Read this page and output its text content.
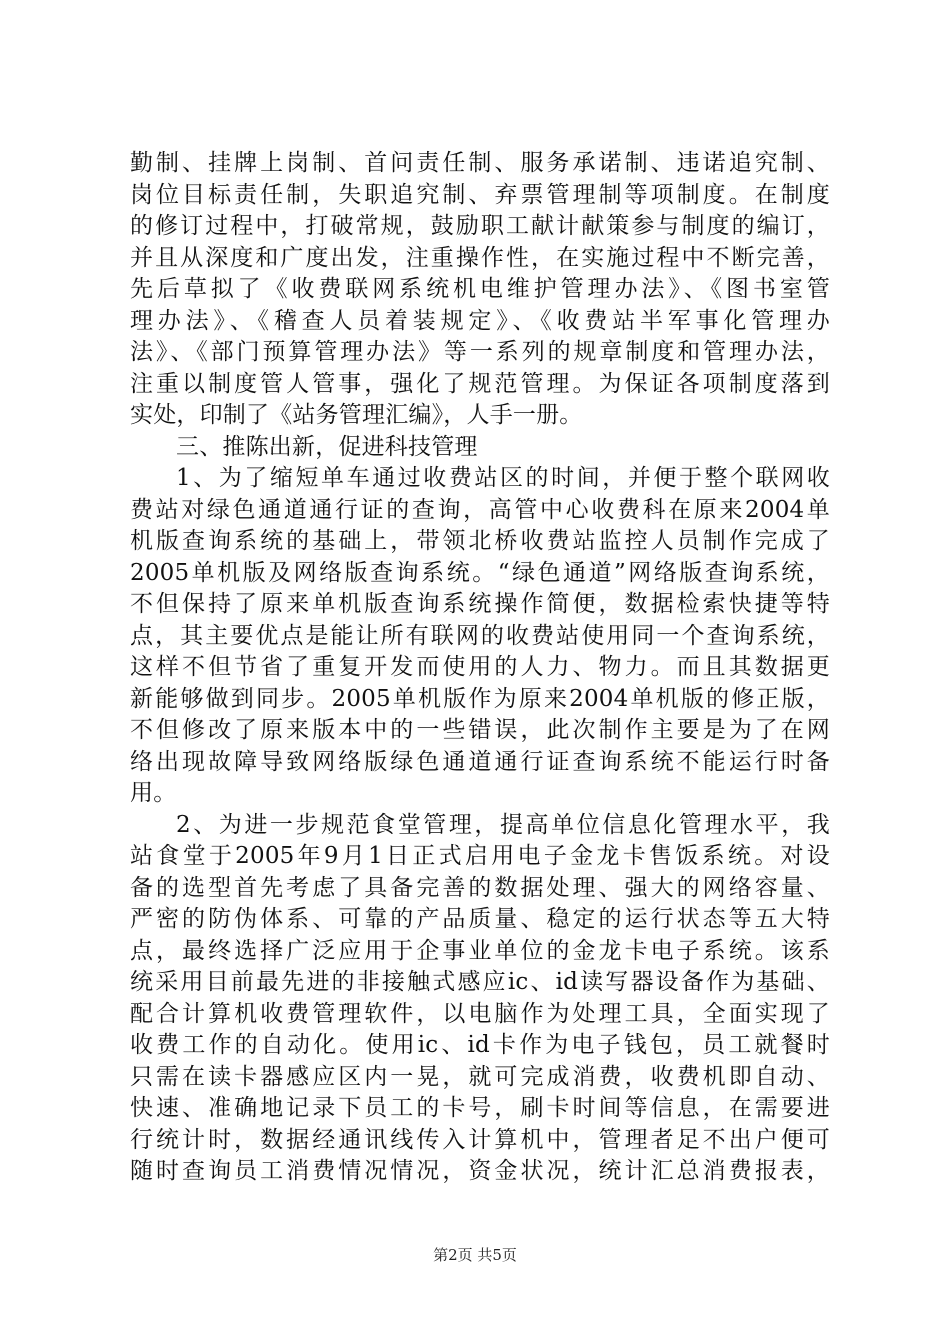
勤制、挂牌上岗制、首问责任制、服务承诺制、违诺追究制、
岗位目标责任制，失职追究制、弃票管理制等项制度。在制度
的修订过程中，打破常规，鼓励职工献计献策参与制度的编订，
并且从深度和广度出发，注重操作性，在实施过程中不断完善，
先后草拟了《收费联网系统机电维护管理办法》、《图书室管
理办法》、《稽查人员着装规定》、《收费站半军事化管理办
法》、《部门预算管理办法》等一系列的规章制度和管理办法，
注重以制度管人管事，强化了规范管理。为保证各项制度落到
实处，印制了《站务管理汇编》，人手一册。
三、推陈出新，促进科技管理
1、为了缩短单车通过收费站区的时间，并便于整个联网收
费站对绿色通道通行证的查询，高管中心收费科在原来2004单
机版查询系统的基础上，带领北桥收费站监控人员制作完成了
2005单机版及网络版查询系统。“绿色通道”网络版查询系统，
不但保持了原来单机版查询系统操作简便，数据检索快捷等特
点，其主要优点是能让所有联网的收费站使用同一个查询系统，
这样不但节省了重复开发而使用的人力、物力。而且其数据更
新能够做到同步。2005单机版作为原来2004单机版的修正版，
不但修改了原来版本中的一些错误，此次制作主要是为了在网
络出现故障导致网络版绿色通道通行证查询系统不能运行时备
用。
2、为进一步规范食堂管理，提高单位信息化管理水平，我
站食堂于2005年9月1日正式启用电子金龙卡售饭系统。对设
备的选型首先考虑了具备完善的数据处理、强大的网络容量、
严密的防伪体系、可靠的产品质量、稳定的运行状态等五大特
点，最终选择广泛应用于企事业单位的金龙卡电子系统。该系
统采用目前最先进的非接触式感应ic、id读写器设备作为基础、
配合计算机收费管理软件，以电脑作为处理工具，全面实现了
收费工作的自动化。使用ic、id卡作为电子钱包，员工就餐时
只需在读卡器感应区内一晃，就可完成消费，收费机即自动、
快速、准确地记录下员工的卡号，刷卡时间等信息，在需要进
行统计时，数据经通讯线传入计算机中，管理者足不出户便可
随时查询员工消费情况情况，资金状况，统计汇总消费报表，
第2页 共5页
